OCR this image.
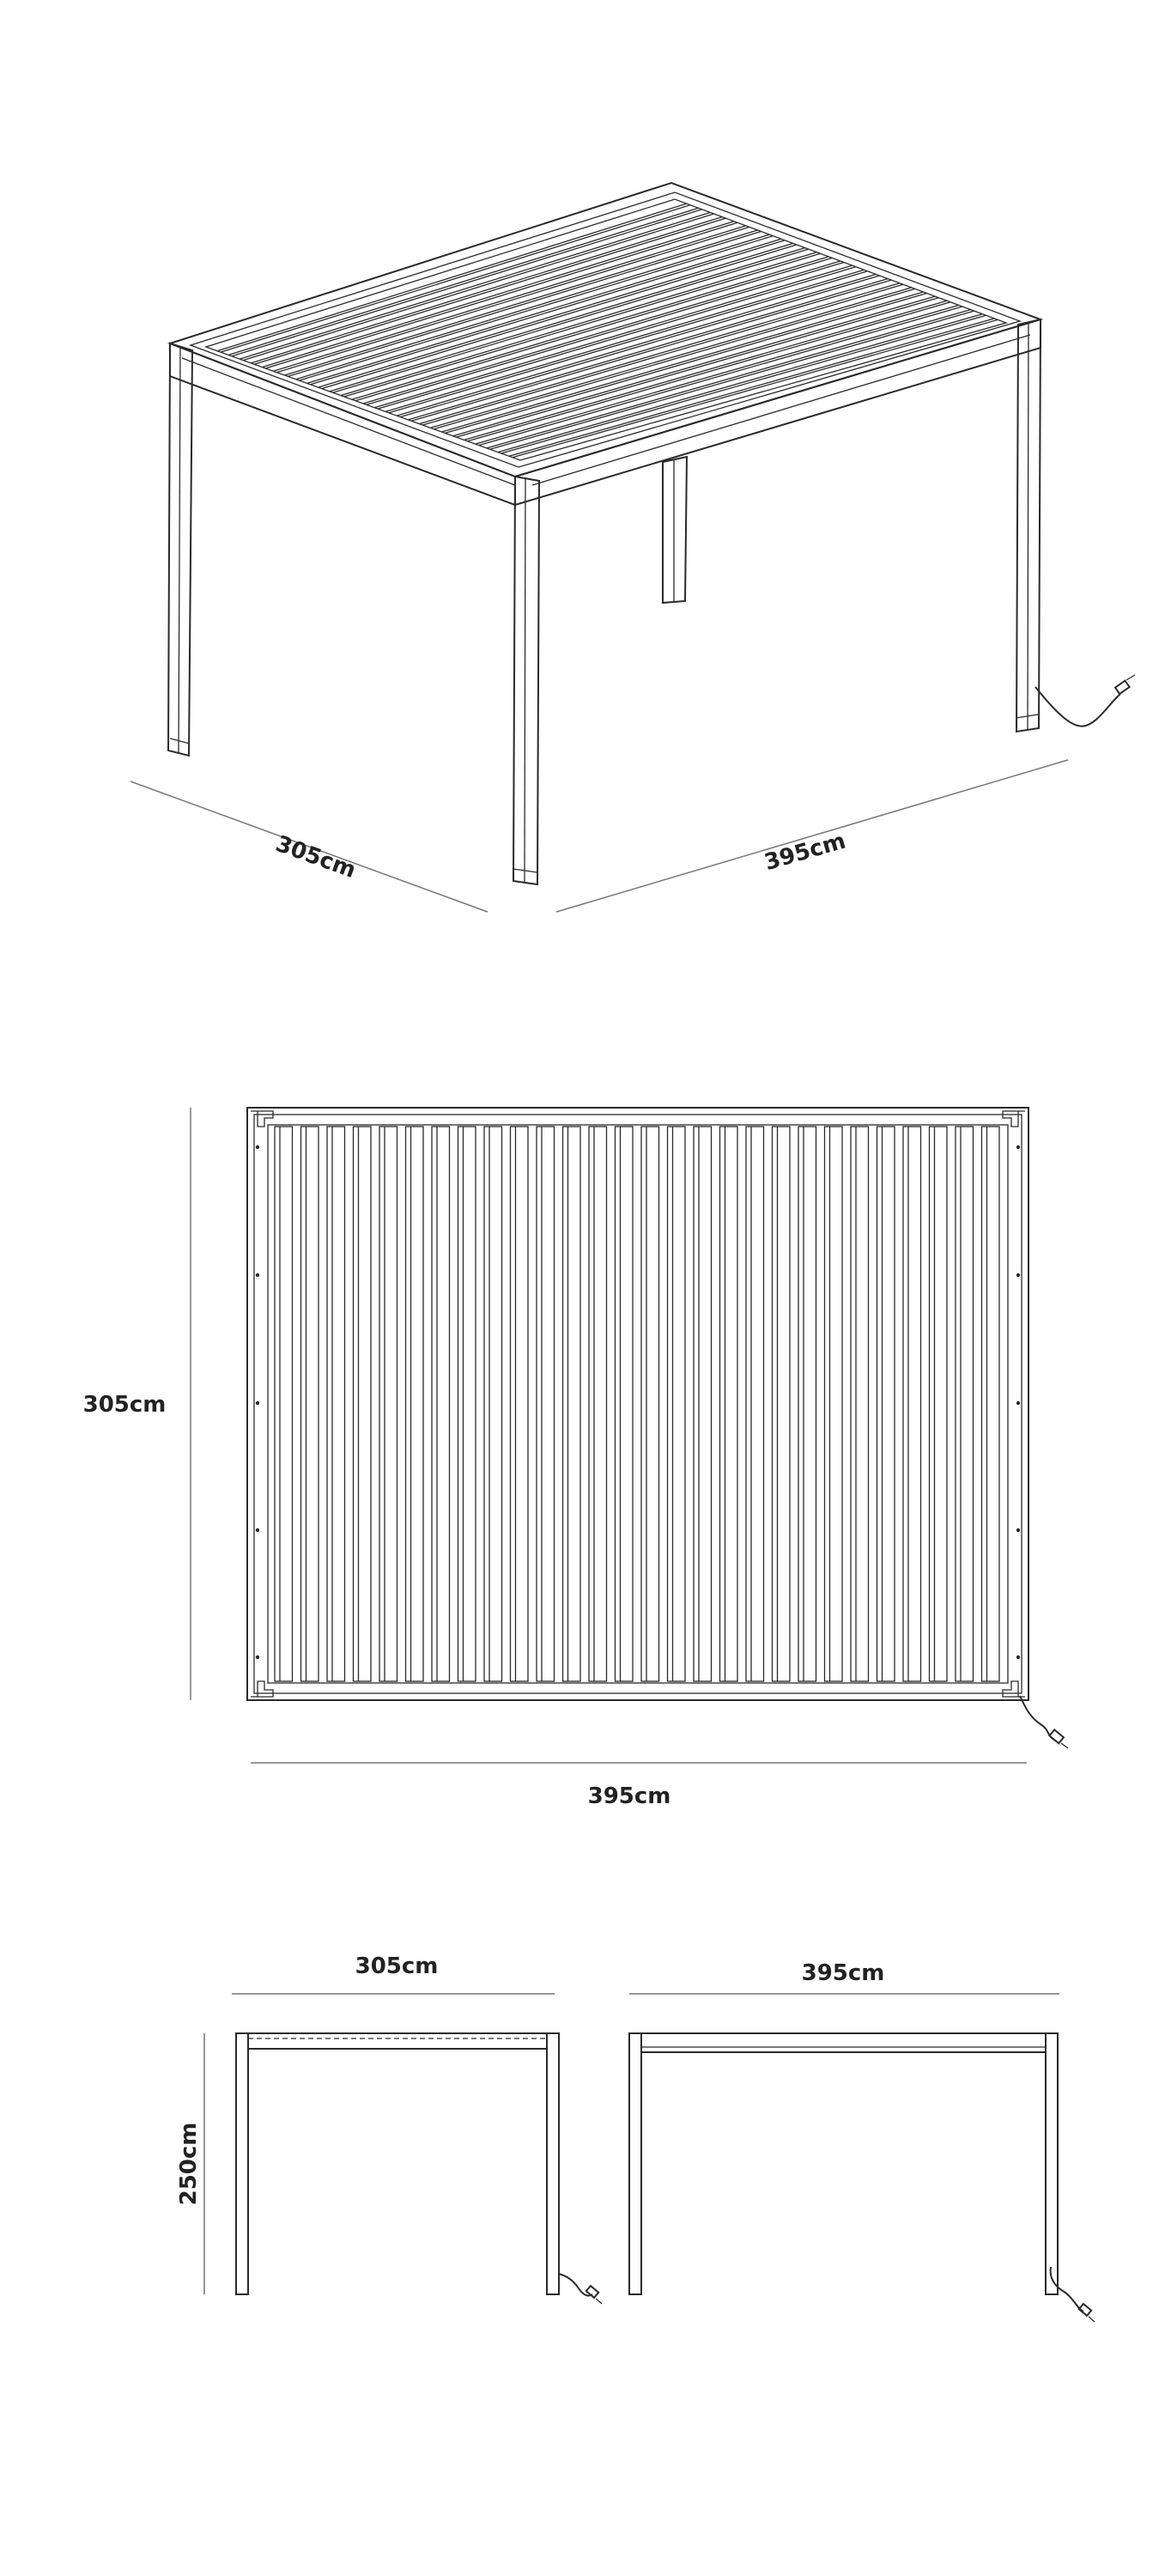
305cm	395cm
305cm
395cm
305cm
250cm
395cm
